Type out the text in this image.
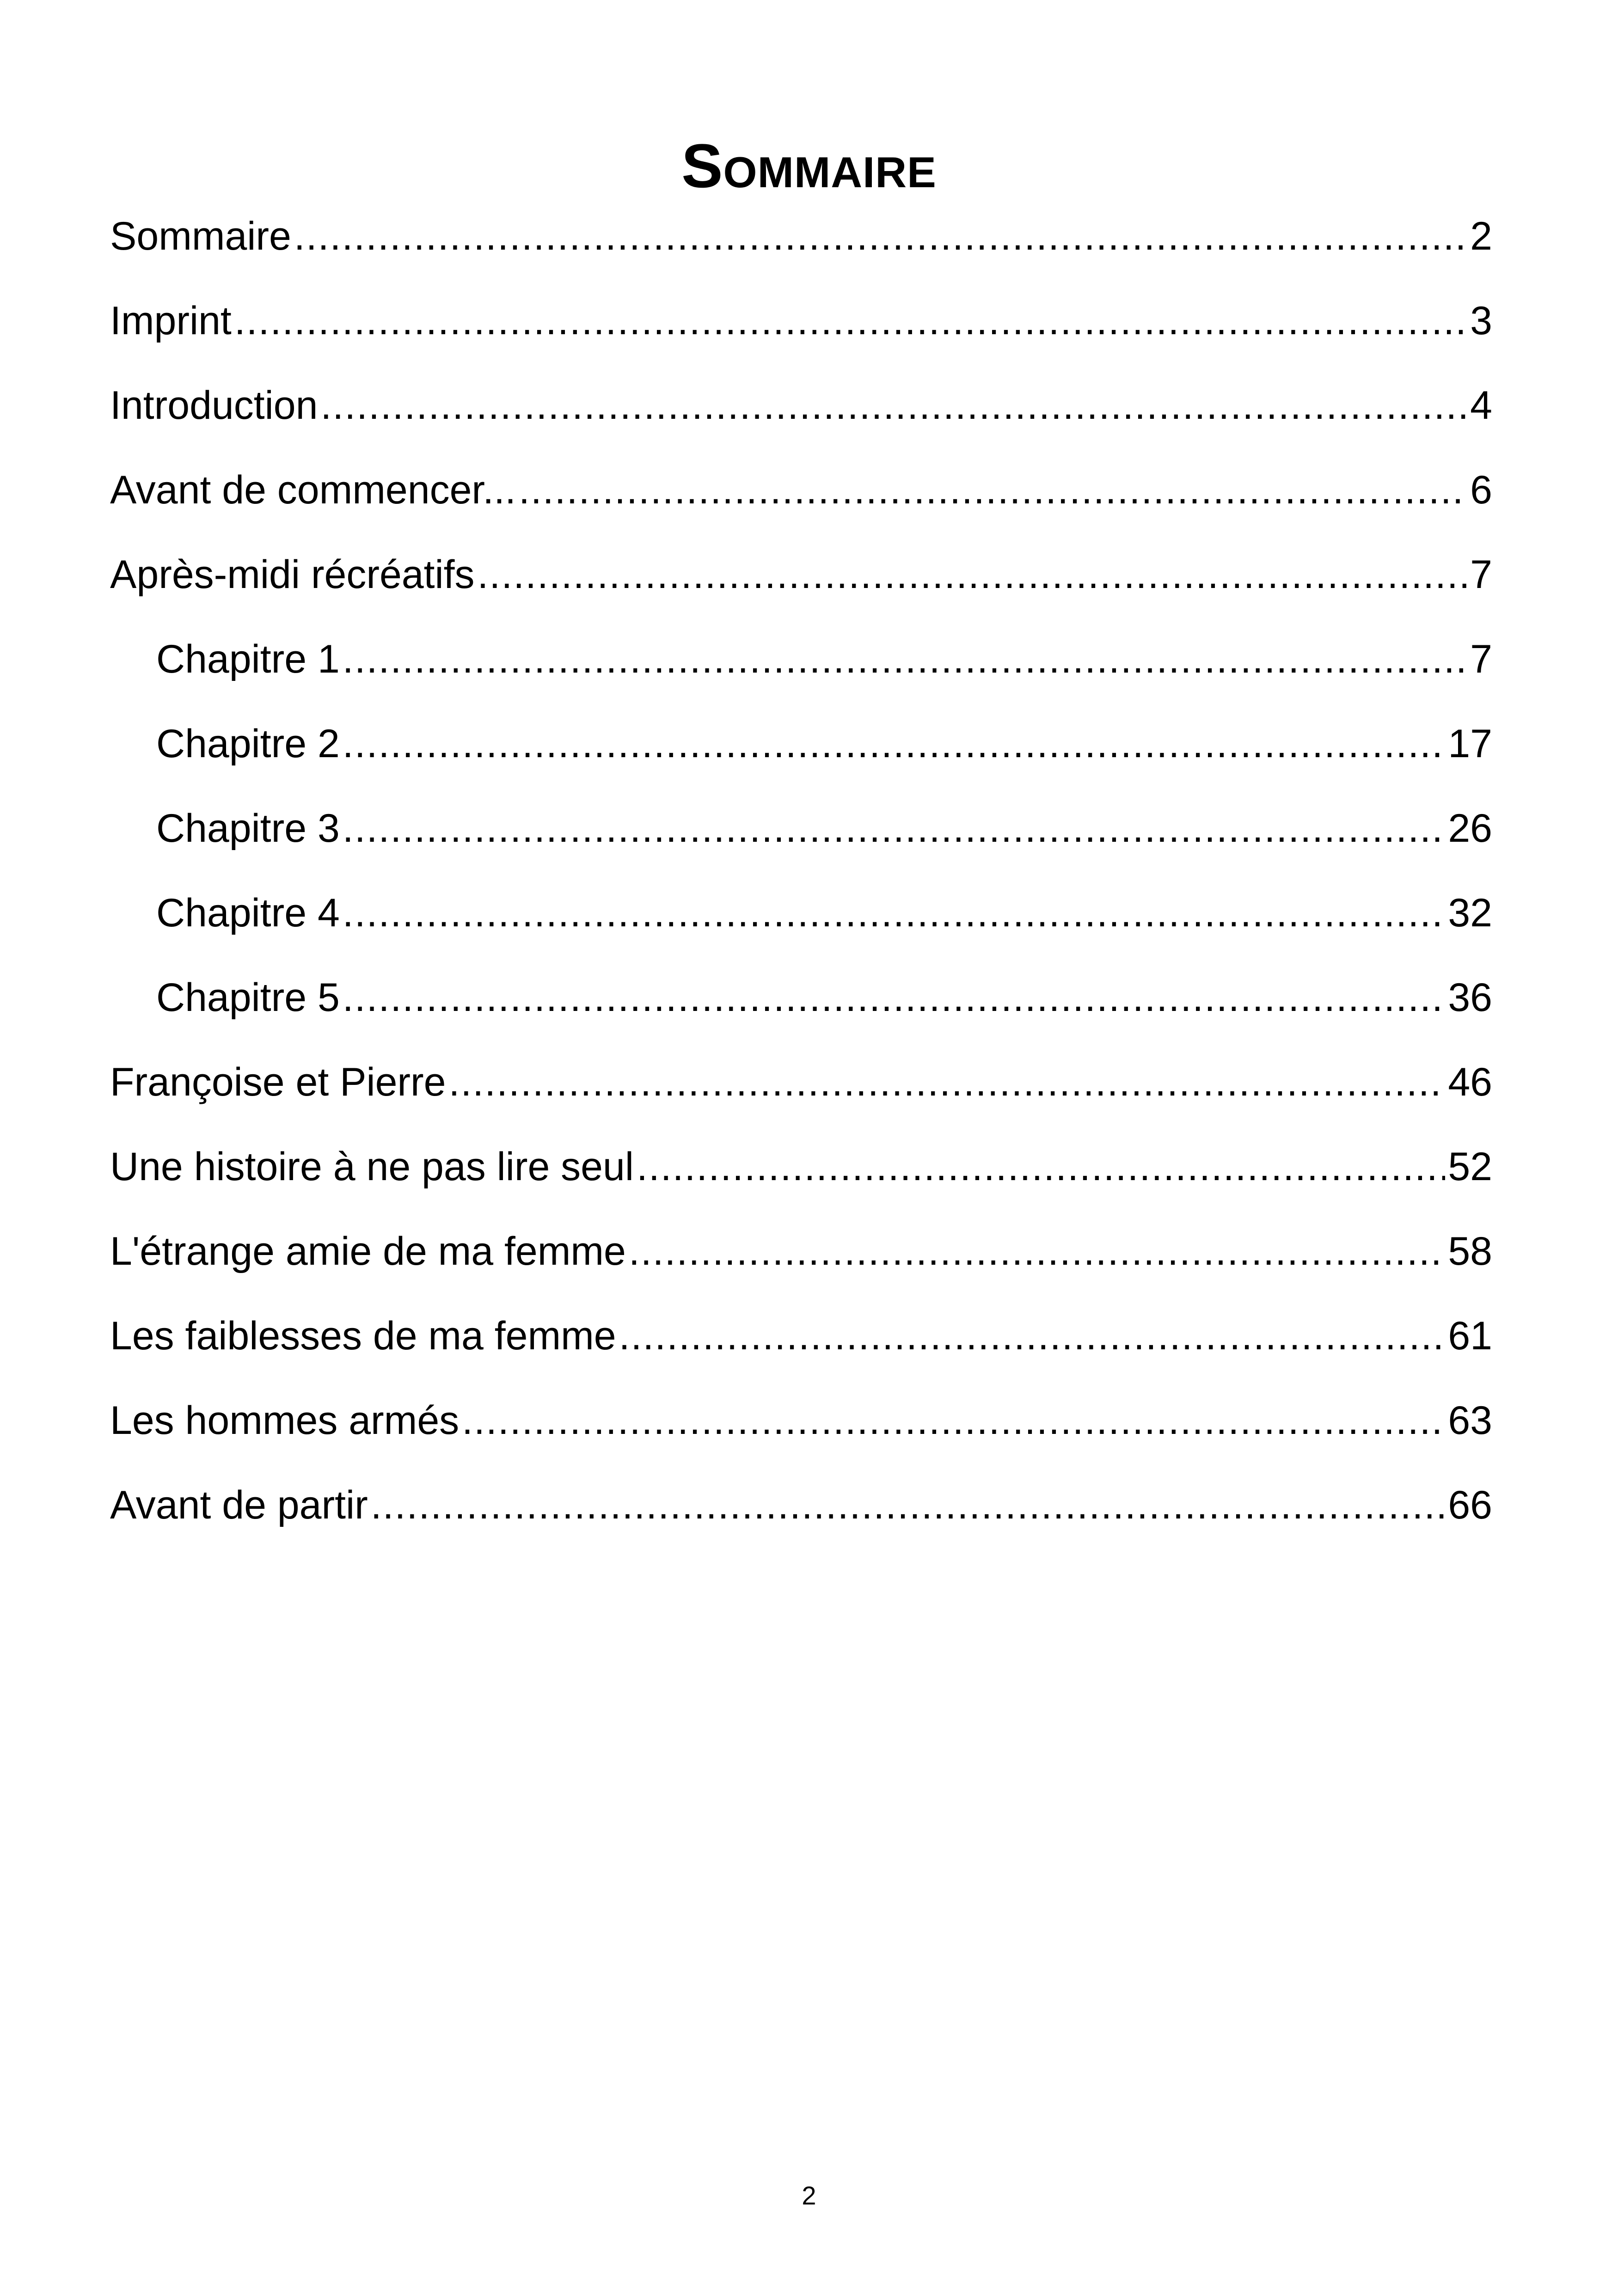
Sommaire
Sommaire .....	2
Imprint .....	3
Introduction .....	4
Avant de commencer... .....	6
Après-midi récréatifs .....	7
Chapitre 1 .....	7
Chapitre 2 .....	17
Chapitre 3 .....	26
Chapitre 4 .....	32
Chapitre 5 .....	36
Françoise et Pierre .....	46
Une histoire à ne pas lire seul .....	52
L'étrange amie de ma femme .....	58
Les faiblesses de ma femme .....	61
Les hommes armés .....	63
Avant de partir .....	66
2
